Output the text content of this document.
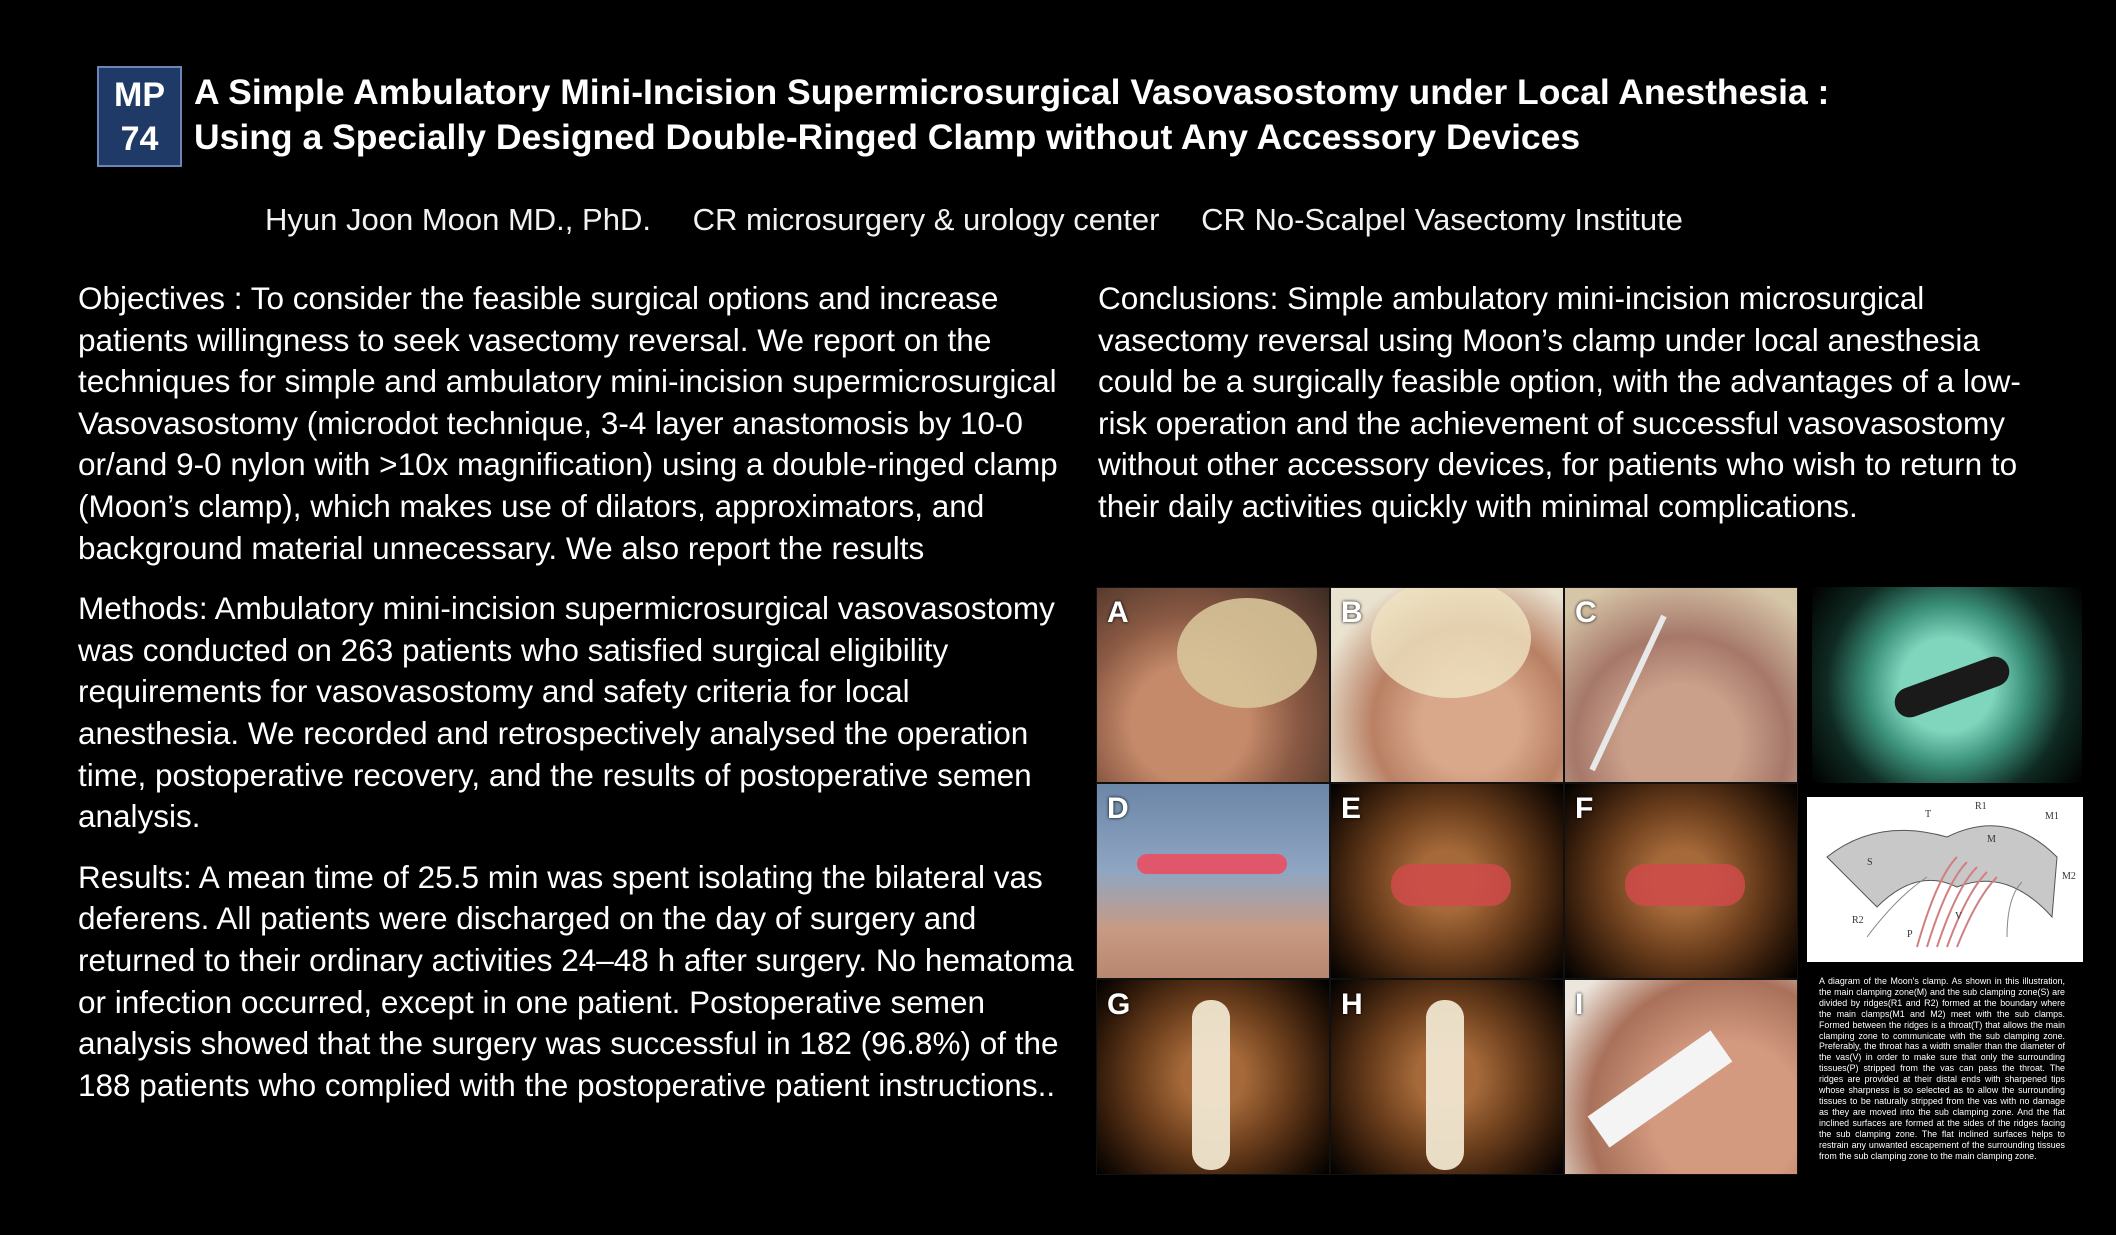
MP
74
A Simple Ambulatory Mini-Incision Supermicrosurgical Vasovasostomy under Local Anesthesia :
Using a Specially Designed Double-Ringed Clamp without Any Accessory Devices
Hyun Joon Moon MD., PhD. CR microsurgery & urology center CR No-Scalpel Vasectomy Institute

Objectives : To consider the feasible surgical options and increase patients willingness to seek vasectomy reversal. We report on the techniques for simple and ambulatory mini-incision supermicrosurgical Vasovasostomy (microdot technique, 3-4 layer anastomosis by 10-0 or/and 9-0 nylon with >10x magnification) using a double-ringed clamp (Moon’s clamp), which makes use of dilators, approximators, and background material unnecessary. We also report the results

Methods: Ambulatory mini-incision supermicrosurgical vasovasostomy was conducted on 263 patients who satisfied surgical eligibility requirements for vasovasostomy and safety criteria for local anesthesia. We recorded and retrospectively analysed the operation time, postoperative recovery, and the results of postoperative semen analysis.

Results: A mean time of 25.5 min was spent isolating the bilateral vas deferens. All patients were discharged on the day of surgery and returned to their ordinary activities 24–48 h after surgery. No hematoma or infection occurred, except in one patient. Postoperative semen analysis showed that the surgery was successful in 182 (96.8%) of the 188 patients who complied with the postoperative patient instructions..

Conclusions: Simple ambulatory mini-incision microsurgical vasectomy reversal using Moon’s clamp under local anesthesia could be a surgically feasible option, with the advantages of a low-risk operation and the achievement of successful vasovasostomy without other accessory devices, for patients who wish to return to their daily activities quickly with minimal complications.

A	B	C
D	E	F
G	H	I
T
R1
M1
M
M2
S
R2
P
V
A diagram of the Moon's clamp. As shown in this illustration, the main clamping zone(M) and the sub clamping zone(S) are divided by ridges(R1 and R2) formed at the boundary where the main clamps(M1 and M2) meet with the sub clamps. Formed between the ridges is a throat(T) that allows the main clamping zone to communicate with the sub clamping zone. Preferably, the throat has a width smaller than the diameter of the vas(V) in order to make sure that only the surrounding tissues(P) stripped from the vas can pass the throat. The ridges are provided at their distal ends with sharpened tips whose sharpness is so selected as to allow the surrounding tissues to be naturally stripped from the vas with no damage as they are moved into the sub clamping zone. And the flat inclined surfaces are formed at the sides of the ridges facing the sub clamping zone. The flat inclined surfaces helps to restrain any unwanted escapement of the surrounding tissues from the sub clamping zone to the main clamping zone.
